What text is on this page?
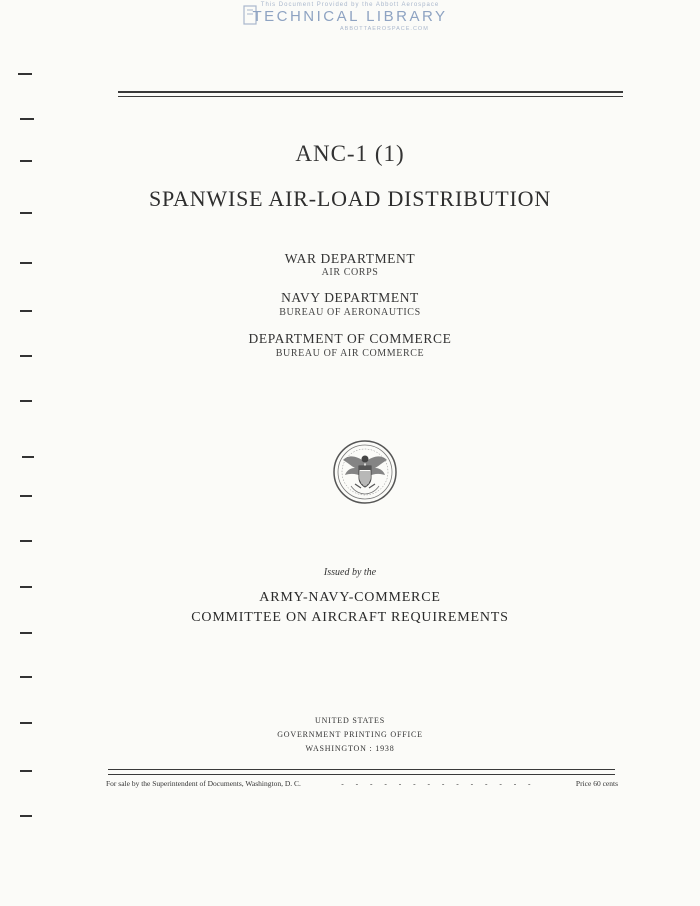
This Document Provided by the Abbott Aerospace
TECHNICAL LIBRARY
ABBOTTAEROSPACE.COM
ANC-1 (1)
SPANWISE AIR-LOAD DISTRIBUTION
WAR DEPARTMENT
AIR CORPS
NAVY DEPARTMENT
BUREAU OF AERONAUTICS
DEPARTMENT OF COMMERCE
BUREAU OF AIR COMMERCE
Issued by the
ARMY-NAVY-COMMERCE
COMMITTEE ON AIRCRAFT REQUIREMENTS
UNITED STATES
GOVERNMENT PRINTING OFFICE
WASHINGTON : 1938
For sale by the Superintendent of Documents, Washington, D. C.	- - - - - - - - - - - - - -	Price 60 cents
